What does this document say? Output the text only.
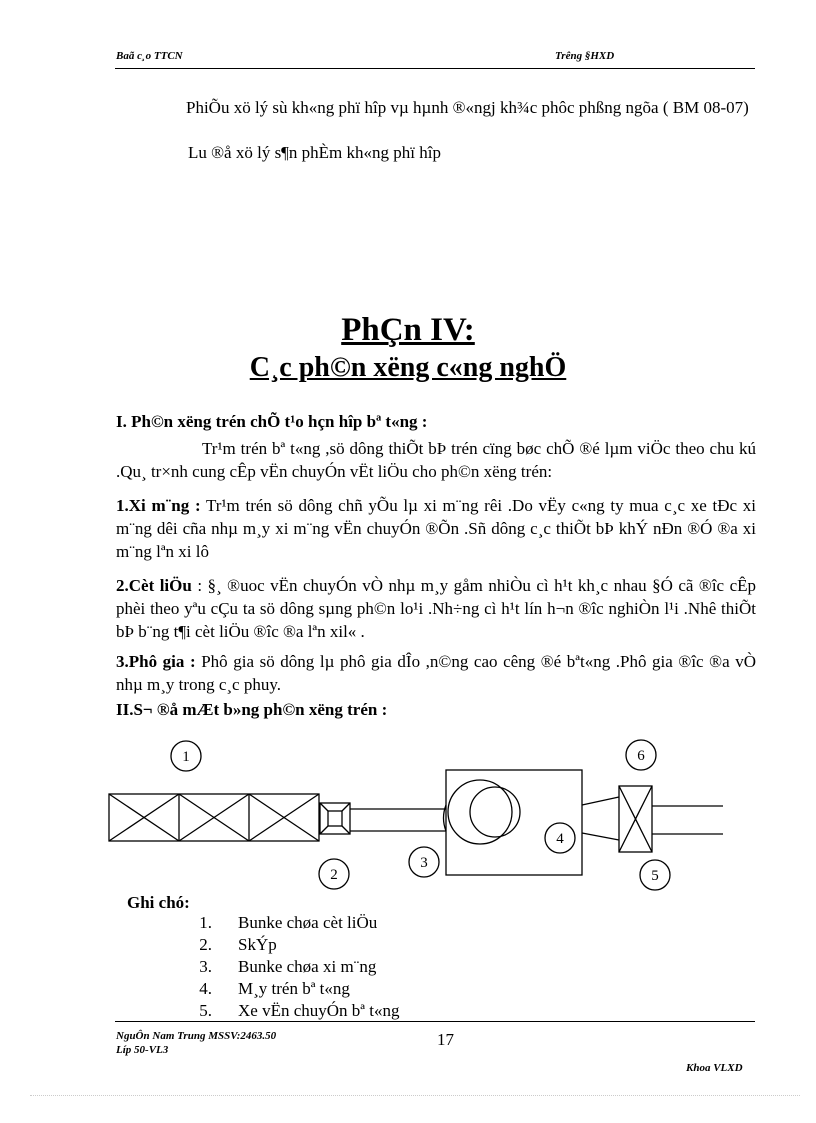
Baã c¸o TTCN	Trêng §HXD
PhiÕu xö lý sù kh«ng phï hîp vµ hµnh ®«ngj kh¾c phôc phßng ngõa ( BM 08-07)
Lu ®å xö lý s¶n phÈm kh«ng phï hîp
PhÇn IV:
C¸c ph©n xëng c«ng nghÖ
I. Ph©n xëng trén chÕ t¹o hçn hîp bª t«ng :
Tr¹m trén bª t«ng ,sö dông thiÕt bÞ trén cïng bøc chÕ ®é lµm viÖc theo chu kú .Qu¸ tr×nh cung cÊp vËn chuyÓn vËt liÖu cho ph©n xëng trén:
1.Xi m¨ng : Tr¹m trén sö dông chñ yÕu lµ xi m¨ng rêi .Do vËy c«ng ty mua c¸c xe tÐc xi m¨ng dêi cña nhµ m¸y xi m¨ng vËn chuyÓn ®Õn .Sñ dông c¸c thiÕt bÞ khÝ nÐn ®Ó ®a xi m¨ng lªn xi lô
2.Cèt liÖu : §¸ ®uoc vËn chuyÓn vÒ nhµ m¸y gåm nhiÒu cì h¹t kh¸c nhau §Ó cã ®îc cÊp phèi theo yªu cÇu ta sö dông sµng ph©n lo¹i .Nh÷ng cì h¹t lín h¬n ®îc nghiÒn l¹i .Nhê thiÕt bÞ b¨ng t¶i cèt liÖu ®îc ®a lªn xil« .
3.Phô gia : Phô gia sö dông lµ phô gia dÎo ,n©ng cao cêng ®é bªt«ng .Phô gia ®îc ®a vÒ nhµ m¸y trong c¸c phuy.
II.S¬ ®å mÆt b»ng ph©n xëng trén :
1
2
3
4
5
6
Ghi chó:
1. Bunke chøa cèt liÖu
2. SkÝp
3. Bunke chøa xi m¨ng
4. M¸y trén bª t«ng
5. Xe vËn chuyÓn bª t«ng
NguÔn Nam Trung MSSV:2463.50
Líp 50-VL3
17
Khoa VLXD
